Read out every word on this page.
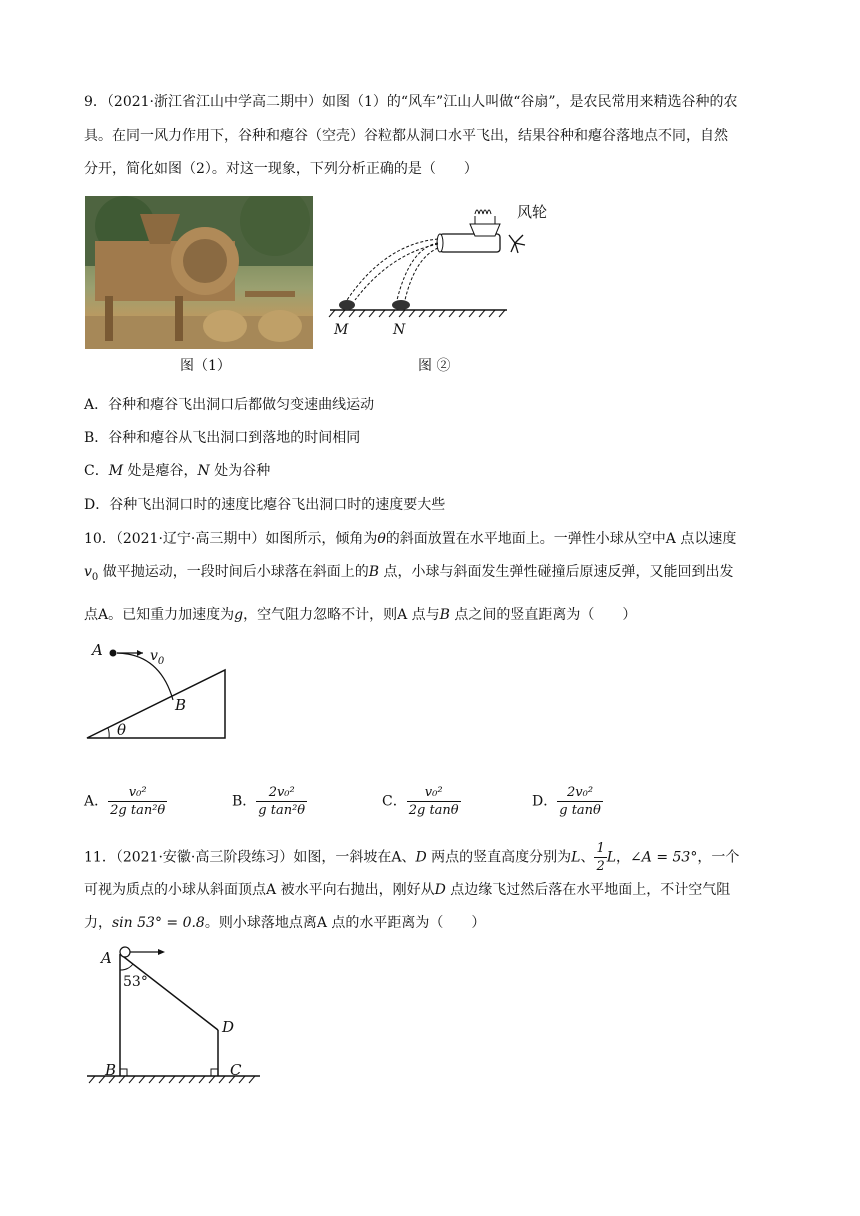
9．（2021·浙江省江山中学高二期中）如图（1）的“风车”江山人叫做“谷扇”，是农民常用来精选谷种的农
具。在同一风力作用下，谷种和瘪谷（空壳）谷粒都从洞口水平飞出，结果谷种和瘪谷落地点不同，自然
分开，简化如图（2）。对这一现象，下列分析正确的是（　　）
图（1）
风轮
M	N
图 ②
A．谷种和瘪谷飞出洞口后都做匀变速曲线运动
B．谷种和瘪谷从飞出洞口到落地的时间相同
C．M 处是瘪谷，N 处为谷种
D．谷种飞出洞口时的速度比瘪谷飞出洞口时的速度要大些
10．（2021·辽宁·高三期中）如图所示，倾角为θ的斜面放置在水平地面上。一弹性小球从空中A 点以速度
$v_0$ 做平抛运动，一段时间后小球落在斜面上的B 点，小球与斜面发生弹性碰撞后原速反弹，又能回到出发
点A。已知重力加速度为g，空气阻力忽略不计，则A 点与B 点之间的竖直距离为（　　）
A	$v_0$
B
θ
A． $\frac{\text{v₀²}}{\text{2g tan²θ}}$	B． $\frac{\text{2v₀²}}{\text{g tan²θ}}$	C． $\frac{\text{v₀²}}{\text{2g tanθ}}$	D． $\frac{\text{2v₀²}}{\text{g tanθ}}$
11．（2021·安徽·高三阶段练习）如图，一斜坡在A、D 两点的竖直高度分别为L、 $\frac{1}{2}$ L，∠A = 53°，一个
可视为质点的小球从斜面顶点A 被水平向右抛出，刚好从D 点边缘飞过然后落在水平地面上，不计空气阻
力，sin 53° = 0.8。则小球落地点离A 点的水平距离为（　　）
A
53°
D
B	C
